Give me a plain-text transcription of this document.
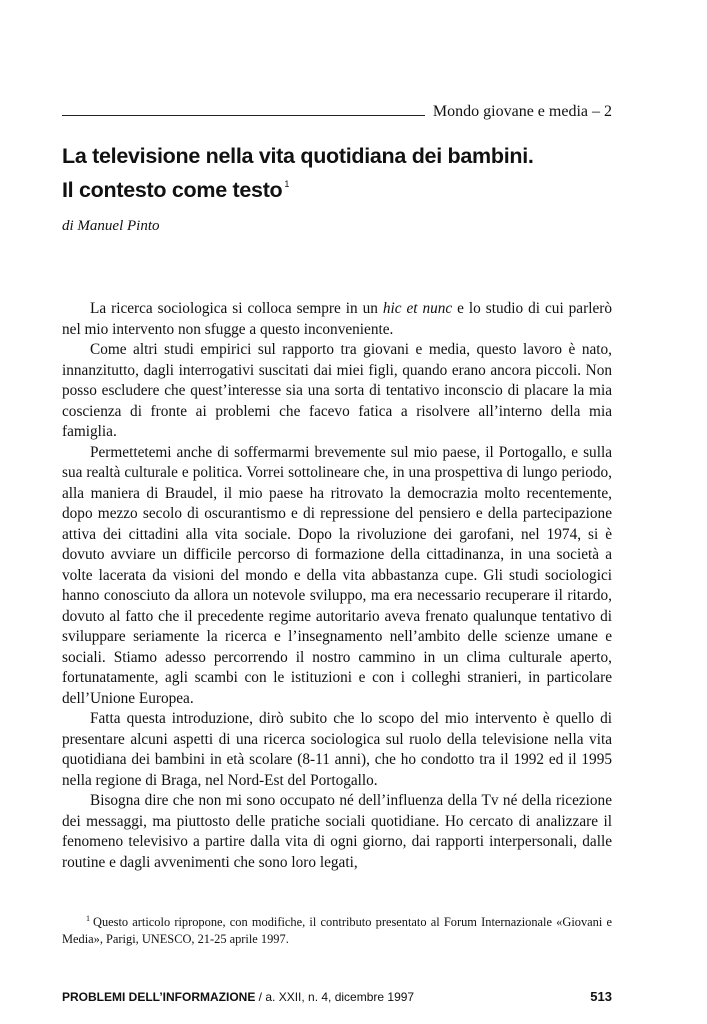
Mondo giovane e media – 2
La televisione nella vita quotidiana dei bambini.
Il contesto come testo $^1$
di Manuel Pinto

La ricerca sociologica si colloca sempre in un hic et nunc e lo studio di cui parlerò nel mio intervento non sfugge a questo inconveniente.

Come altri studi empirici sul rapporto tra giovani e media, questo lavoro è nato, innanzitutto, dagli interrogativi suscitati dai miei figli, quando erano ancora piccoli. Non posso escludere che quest’interesse sia una sorta di tentativo inconscio di placare la mia coscienza di fronte ai problemi che facevo fatica a risolvere all’interno della mia famiglia.

Permettetemi anche di soffermarmi brevemente sul mio paese, il Portogallo, e sulla sua realtà culturale e politica. Vorrei sottolineare che, in una prospettiva di lungo periodo, alla maniera di Braudel, il mio paese ha ritrovato la democrazia molto recentemente, dopo mezzo secolo di oscurantismo e di repressione del pensiero e della partecipazione attiva dei cittadini alla vita sociale. Dopo la rivoluzione dei garofani, nel 1974, si è dovuto avviare un difficile percorso di formazione della cittadinanza, in una società a volte lacerata da visioni del mondo e della vita abbastanza cupe. Gli studi sociologici hanno conosciuto da allora un notevole sviluppo, ma era necessario recuperare il ritardo, dovuto al fatto che il precedente regime autoritario aveva frenato qualunque tentativo di sviluppare seriamente la ricerca e l’insegnamento nell’ambito delle scienze umane e sociali. Stiamo adesso percorrendo il nostro cammino in un clima culturale aperto, fortunatamente, agli scambi con le istituzioni e con i colleghi stranieri, in particolare dell’Unione Europea.

Fatta questa introduzione, dirò subito che lo scopo del mio intervento è quello di presentare alcuni aspetti di una ricerca sociologica sul ruolo della televisione nella vita quotidiana dei bambini in età scolare (8-11 anni), che ho condotto tra il 1992 ed il 1995 nella regione di Braga, nel Nord-Est del Portogallo.

Bisogna dire che non mi sono occupato né dell’influenza della Tv né della ricezione dei messaggi, ma piuttosto delle pratiche sociali quotidiane. Ho cercato di analizzare il fenomeno televisivo a partire dalla vita di ogni giorno, dai rapporti interpersonali, dalle routine e dagli avvenimenti che sono loro legati,

$^1$ Questo articolo ripropone, con modifiche, il contributo presentato al Forum Internazionale «Giovani e Media», Parigi, UNESCO, 21-25 aprile 1997.

PROBLEMI DELL’INFORMAZIONE / a. XXII, n. 4, dicembre 1997	513
